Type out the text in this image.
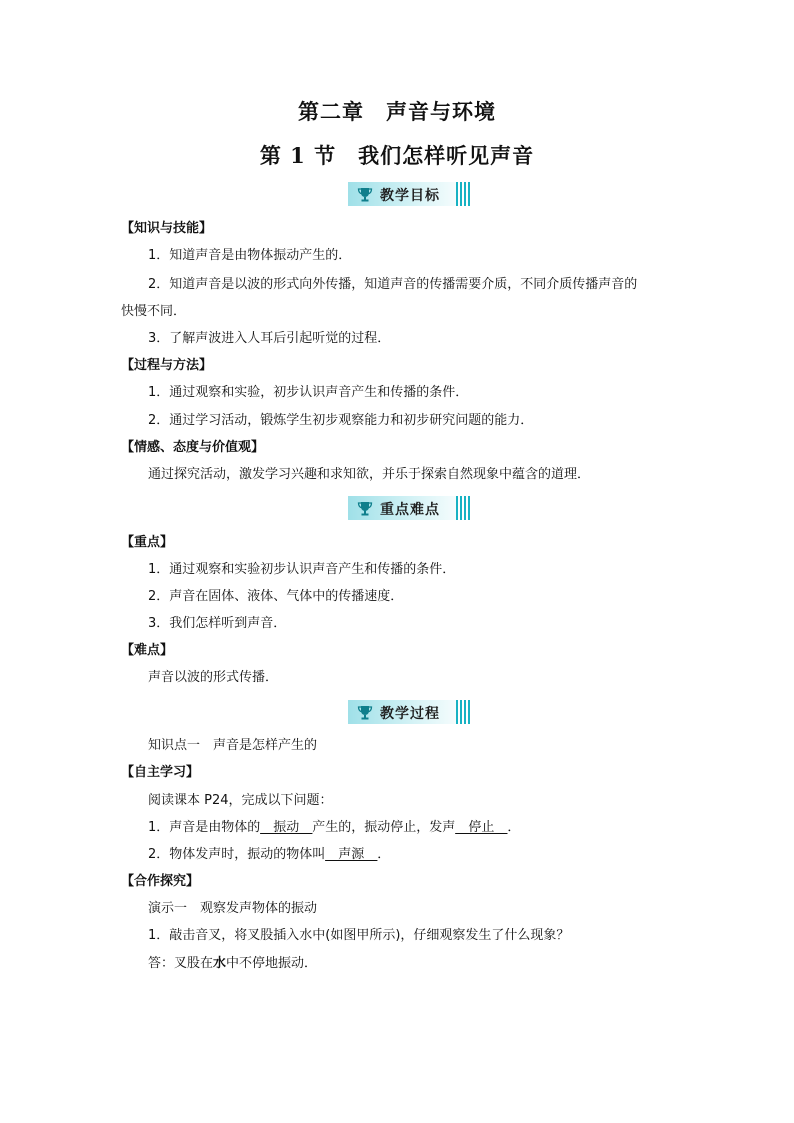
第二章　声音与环境
第 1 节　我们怎样听见声音
教学目标
【知识与技能】
1．知道声音是由物体振动产生的．
2．知道声音是以波的形式向外传播，知道声音的传播需要介质，不同介质传播声音的
快慢不同．
3．了解声波进入人耳后引起听觉的过程．
【过程与方法】
1．通过观察和实验，初步认识声音产生和传播的条件．
2．通过学习活动，锻炼学生初步观察能力和初步研究问题的能力．
【情感、态度与价值观】
通过探究活动，激发学习兴趣和求知欲，并乐于探索自然现象中蕴含的道理．
重点难点
【重点】
1．通过观察和实验初步认识声音产生和传播的条件．
2．声音在固体、液体、气体中的传播速度．
3．我们怎样听到声音．
【难点】
声音以波的形式传播．
教学过程
知识点一　声音是怎样产生的
【自主学习】
阅读课本 P24，完成以下问题：
1．声音是由物体的__振动__产生的，振动停止，发声__停止__．
2．物体发声时，振动的物体叫__声源__．
【合作探究】
演示一　观察发声物体的振动
1．敲击音叉，将叉股插入水中(如图甲所示)，仔细观察发生了什么现象？
答：叉股在水中不停地振动．
